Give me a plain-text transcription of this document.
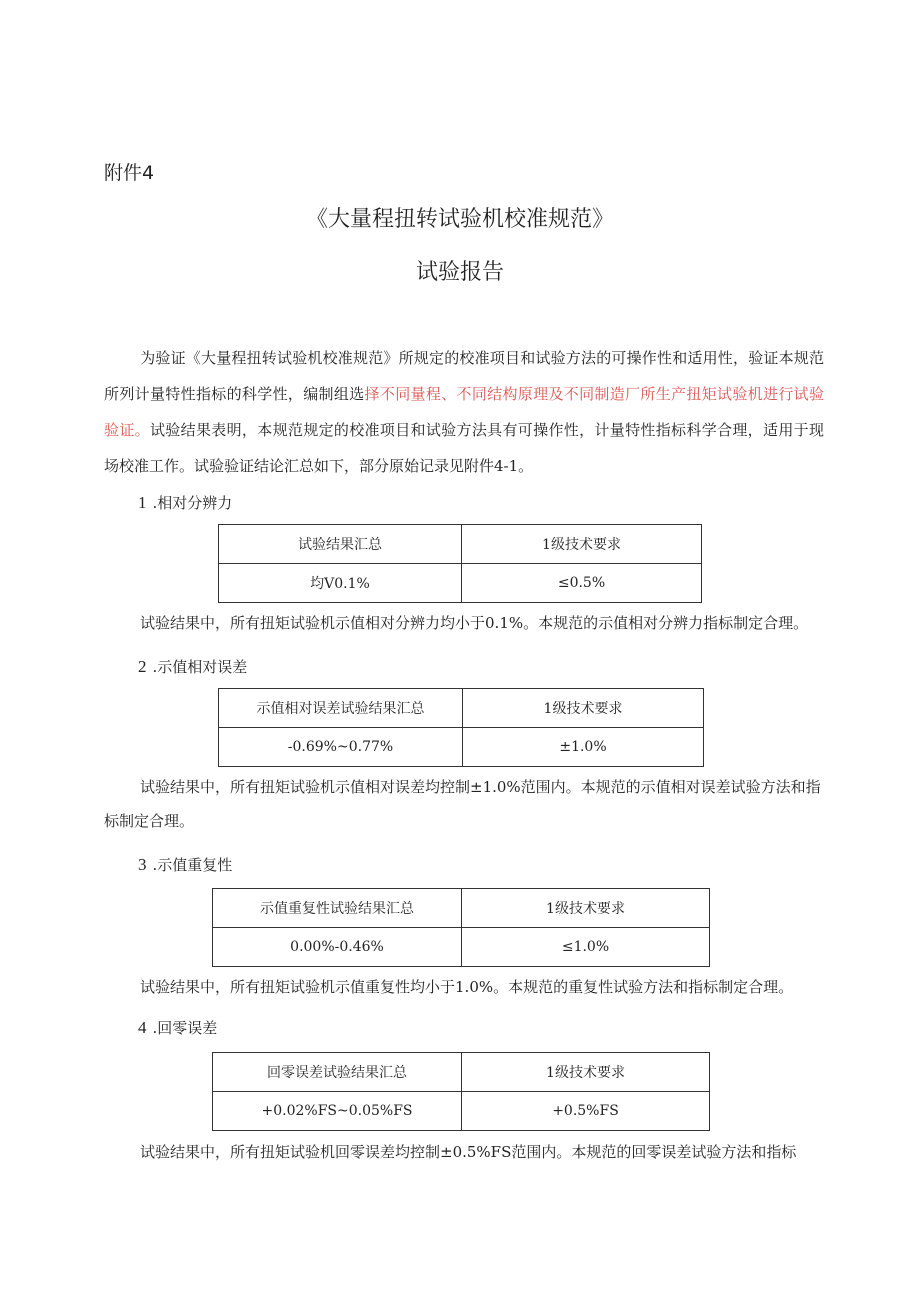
附件4
《大量程扭转试验机校准规范》
试验报告
为验证《大量程扭转试验机校准规范》所规定的校准项目和试验方法的可操作性和适用性，验证本规范所列计量特性指标的科学性，编制组选择不同量程、不同结构原理及不同制造厂所生产扭矩试验机进行试验验证。试验结果表明，本规范规定的校准项目和试验方法具有可操作性，计量特性指标科学合理，适用于现场校准工作。试验验证结论汇总如下，部分原始记录见附件4-1。
1 .相对分辨力
试验结果汇总	1级技术要求
均V0.1%	≤0.5%
试验结果中，所有扭矩试验机示值相对分辨力均小于0.1%。本规范的示值相对分辨力指标制定合理。
2 .示值相对误差
示值相对误差试验结果汇总	1级技术要求
-0.69%~0.77%	±1.0%
试验结果中，所有扭矩试验机示值相对误差均控制±1.0%范围内。本规范的示值相对误差试验方法和指标制定合理。
3 .示值重复性
示值重复性试验结果汇总	1级技术要求
0.00%-0.46%	≤1.0%
试验结果中，所有扭矩试验机示值重复性均小于1.0%。本规范的重复性试验方法和指标制定合理。
4 .回零误差
回零误差试验结果汇总	1级技术要求
+0.02%FS~0.05%FS	+0.5%FS
试验结果中，所有扭矩试验机回零误差均控制±0.5%FS范围内。本规范的回零误差试验方法和指标
